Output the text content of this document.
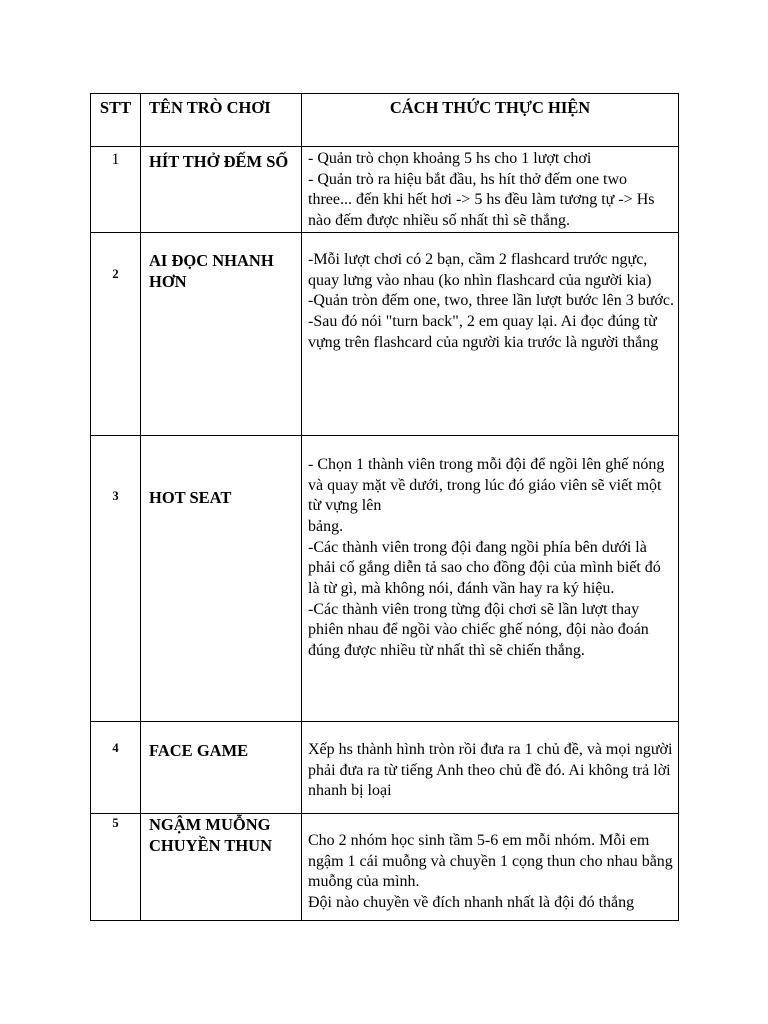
STT	TÊN TRÒ CHƠI	CÁCH THỨC THỰC HIỆN

1	HÍT THỞ ĐẾM SỐ	- Quản trò chọn khoảng 5 hs cho 1 lượt chơi

- Quản trò ra hiệu bắt đầu, hs hít thở đếm one two three... đến khi hết hơi -> 5 hs đều làm tương tự -> Hs nào đếm được nhiều số nhất thì sẽ thắng.

2	AI ĐỌC NHANH HƠN	-Mỗi lượt chơi có 2 bạn, cầm 2 flashcard trước ngực, quay lưng vào nhau (ko nhìn flashcard của người kia)

-Quản tròn đếm one, two, three lần lượt bước lên 3 bước.

-Sau đó nói "turn back", 2 em quay lại. Ai đọc đúng từ vựng trên flashcard của người kia trước là người thắng

3	HOT SEAT	- Chọn 1 thành viên trong mỗi đội để ngồi lên ghế nóng và quay mặt về dưới, trong lúc đó giáo viên sẽ viết một từ vựng lên

bảng.

-Các thành viên trong đội đang ngồi phía bên dưới là phải cố gắng diễn tả sao cho đồng đội của mình biết đó là từ gì, mà không nói, đánh vần hay ra ký hiệu.

-Các thành viên trong từng đội chơi sẽ lần lượt thay phiên nhau để ngồi vào chiếc ghế nóng, đội nào đoán đúng được nhiều từ nhất thì sẽ chiến thắng.

4	FACE GAME	Xếp hs thành hình tròn rồi đưa ra 1 chủ đề, và mọi người phải đưa ra từ tiếng Anh theo chủ đề đó. Ai không trả lời nhanh bị loại

5	NGẬM MUỖNG CHUYỀN THUN	Cho 2 nhóm học sinh tầm 5-6 em mỗi nhóm. Mỗi em ngậm 1 cái muỗng và chuyền 1 cọng thun cho nhau bằng muỗng của mình.

Đội nào chuyền về đích nhanh nhất là đội đó thắng
